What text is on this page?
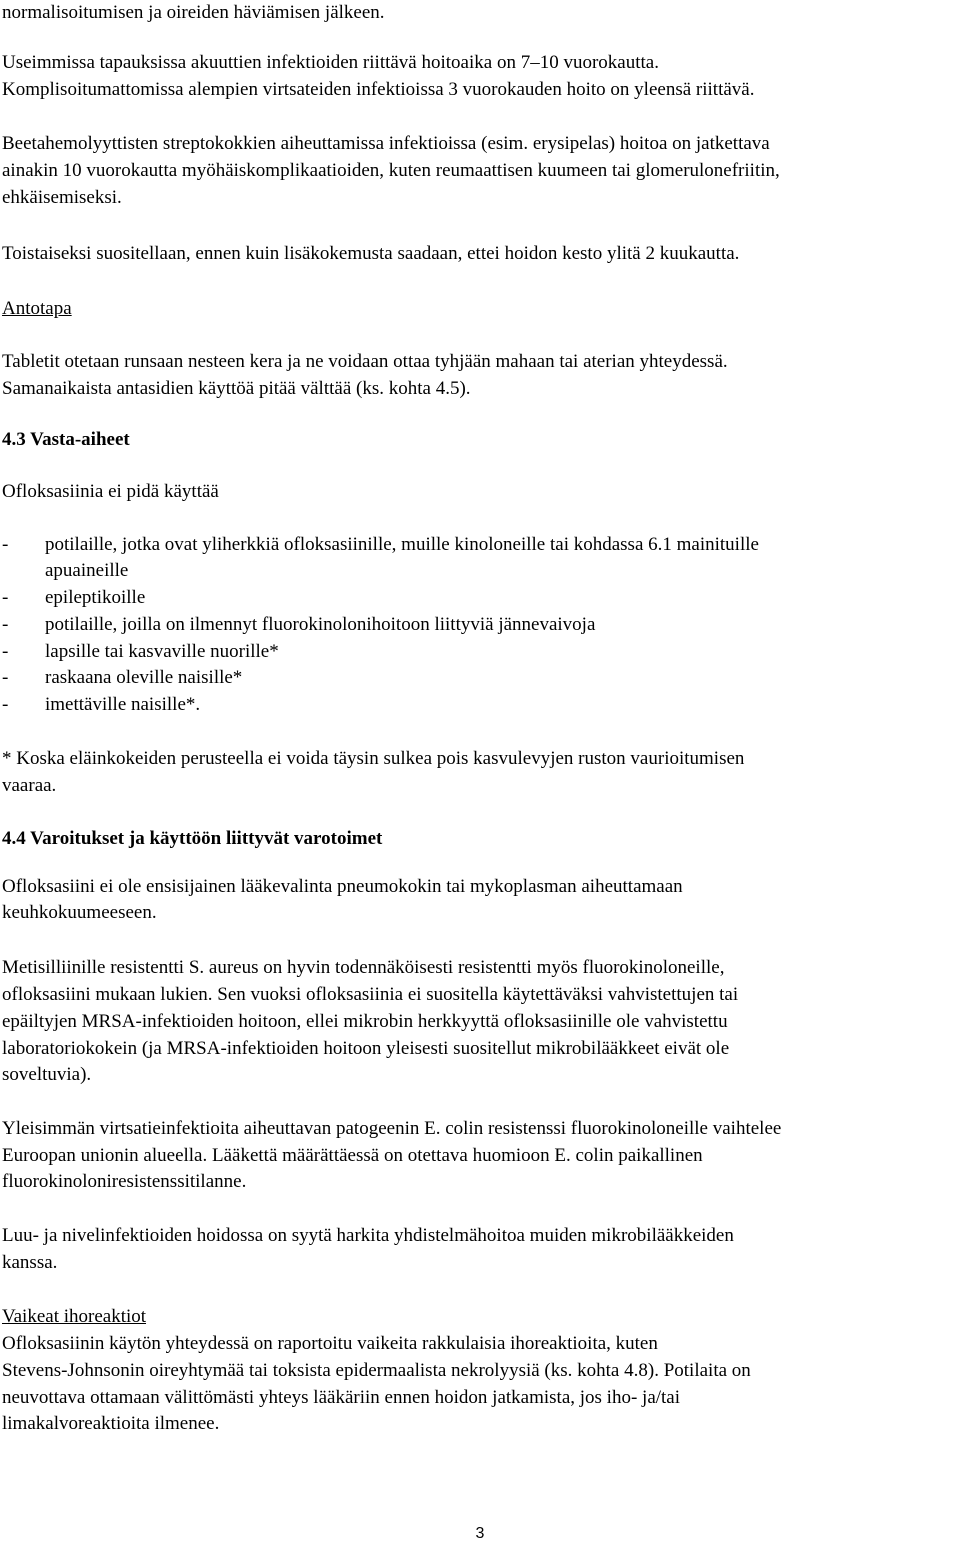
normalisoitumisen ja oireiden häviämisen jälkeen.
Useimmissa tapauksissa akuuttien infektioiden riittävä hoitoaika on 7–10 vuorokautta.
Komplisoitumattomissa alempien virtsateiden infektioissa 3 vuorokauden hoito on yleensä riittävä.
Beetahemolyyttisten streptokokkien aiheuttamissa infektioissa (esim. erysipelas) hoitoa on jatkettava
ainakin 10 vuorokautta myöhäiskomplikaatioiden, kuten reumaattisen kuumeen tai glomerulonefriitin,
ehkäisemiseksi.
Toistaiseksi suositellaan, ennen kuin lisäkokemusta saadaan, ettei hoidon kesto ylitä 2 kuukautta.
Antotapa
Tabletit otetaan runsaan nesteen kera ja ne voidaan ottaa tyhjään mahaan tai aterian yhteydessä.
Samanaikaista antasidien käyttöä pitää välttää (ks. kohta 4.5).
4.3 Vasta-aiheet
Ofloksasiinia ei pidä käyttää
- potilaille, jotka ovat yliherkkiä ofloksasiinille, muille kinoloneille tai kohdassa 6.1 mainituille
apuaineille
- epileptikoille
- potilaille, joilla on ilmennyt fluorokinolonihoitoon liittyviä jännevaivoja
- lapsille tai kasvaville nuorille*
- raskaana oleville naisille*
- imettäville naisille*.
* Koska eläinkokeiden perusteella ei voida täysin sulkea pois kasvulevyjen ruston vaurioitumisen
vaaraa.
4.4 Varoitukset ja käyttöön liittyvät varotoimet
Ofloksasiini ei ole ensisijainen lääkevalinta pneumokokin tai mykoplasman aiheuttamaan
keuhkokuumeeseen.
Metisilliinille resistentti S. aureus on hyvin todennäköisesti resistentti myös fluorokinoloneille,
ofloksasiini mukaan lukien. Sen vuoksi ofloksasiinia ei suositella käytettäväksi vahvistettujen tai
epäiltyjen MRSA-infektioiden hoitoon, ellei mikrobin herkkyyttä ofloksasiinille ole vahvistettu
laboratoriokokein (ja MRSA-infektioiden hoitoon yleisesti suositellut mikrobilääkkeet eivät ole
soveltuvia).
Yleisimmän virtsatieinfektioita aiheuttavan patogeenin E. colin resistenssi fluorokinoloneille vaihtelee
Euroopan unionin alueella. Lääkettä määrättäessä on otettava huomioon E. colin paikallinen
fluorokinoloniresistenssitilanne.
Luu- ja nivelinfektioiden hoidossa on syytä harkita yhdistelmähoitoa muiden mikrobilääkkeiden
kanssa.
Vaikeat ihoreaktiot
Ofloksasiinin käytön yhteydessä on raportoitu vaikeita rakkulaisia ihoreaktioita, kuten
Stevens-Johnsonin oireyhtymää tai toksista epidermaalista nekrolyysiä (ks. kohta 4.8). Potilaita on
neuvottava ottamaan välittömästi yhteys lääkäriin ennen hoidon jatkamista, jos iho- ja/tai
limakalvoreaktioita ilmenee.
3
